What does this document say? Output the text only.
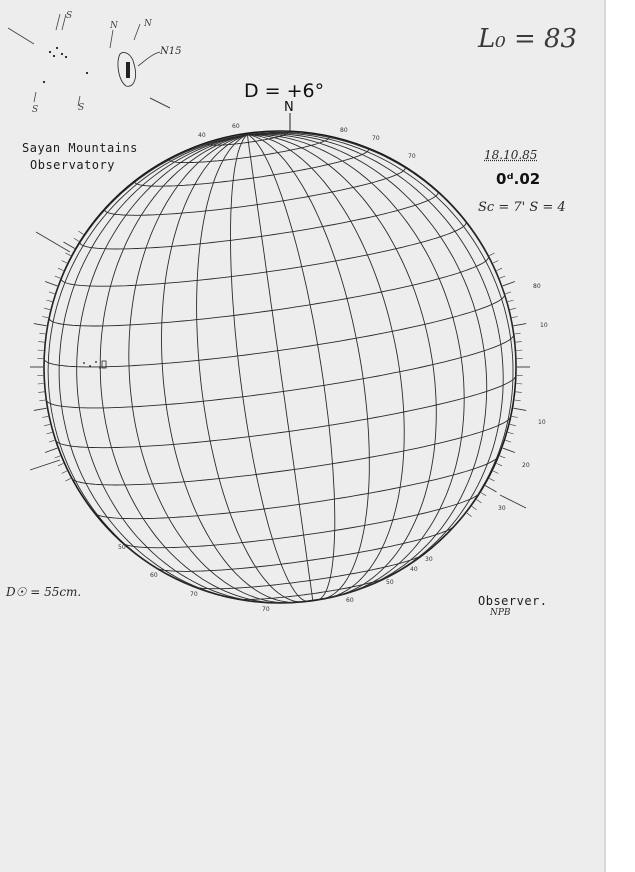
80
10
10
20
30
40
60
80
70
70
50
60
70
70
60
50
40
30
S
N	N
S	S
D = +6°
N
L₀ = 83
Sayan Mountains
Observatory
18.10.85
0ᵈ.02
Sc = 7' S = 4
D☉ = 55cm.
Observer.
NPB
N15
